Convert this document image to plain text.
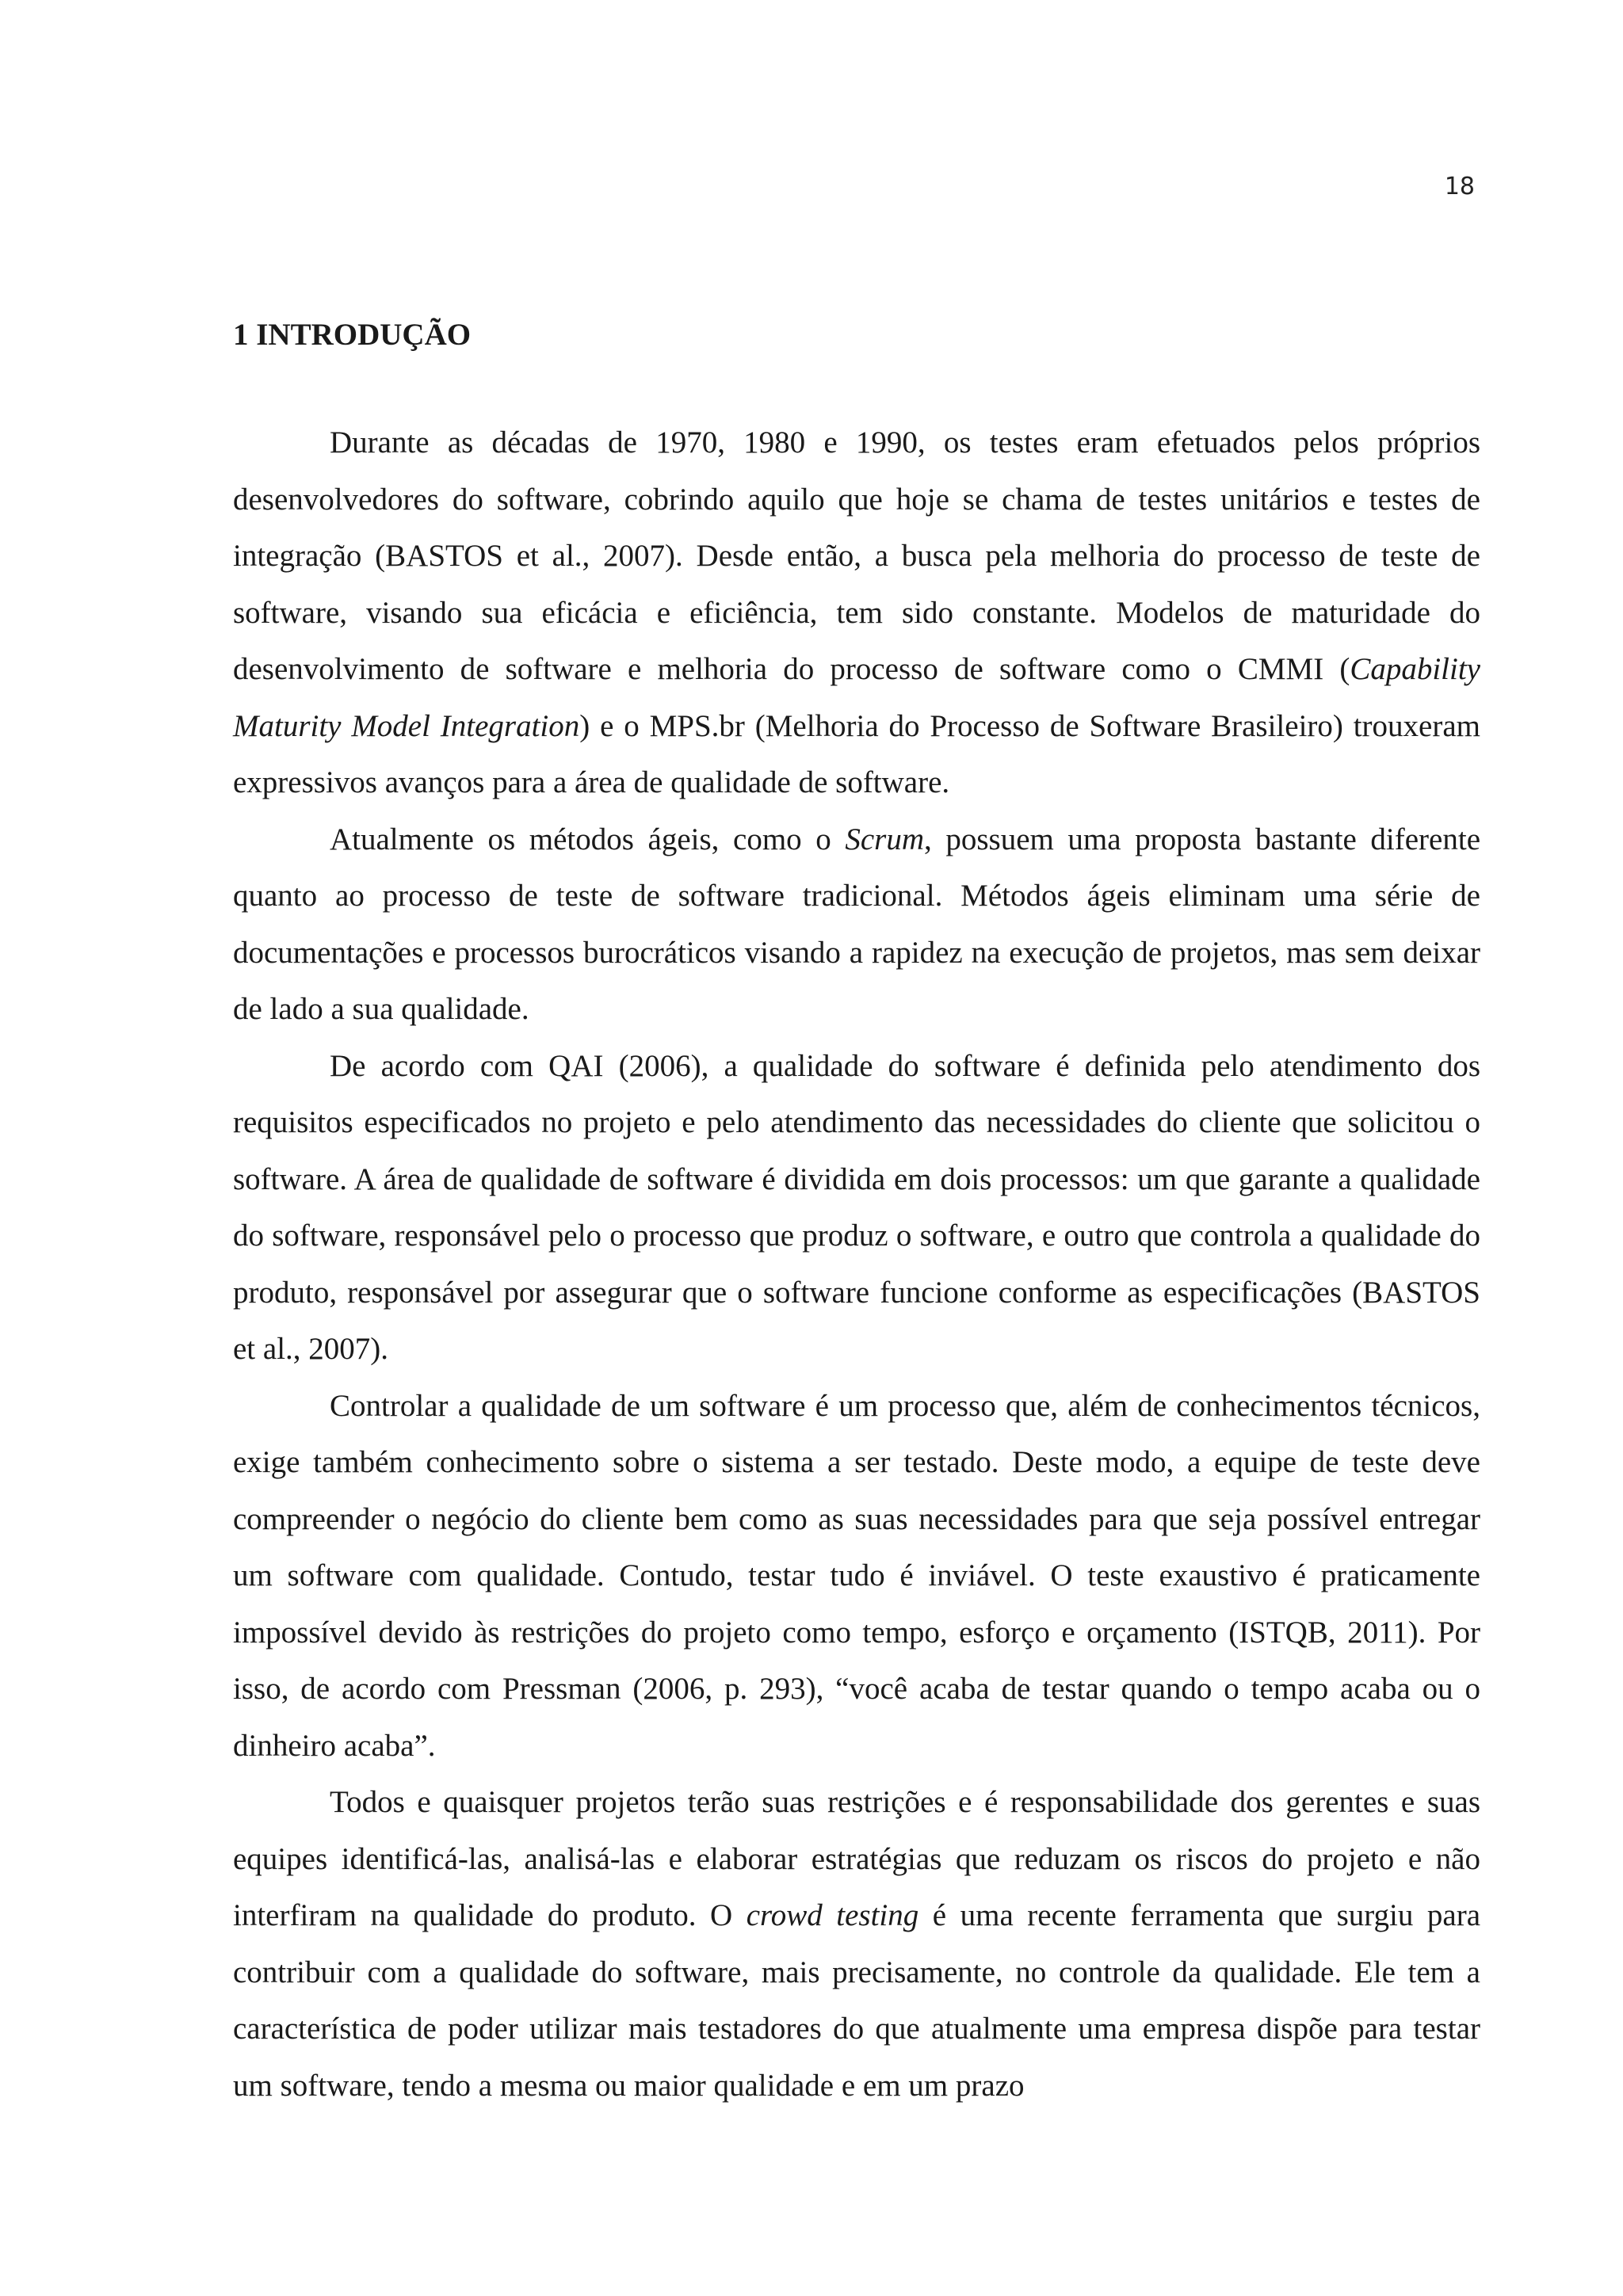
18
1 INTRODUÇÃO

Durante as décadas de 1970, 1980 e 1990, os testes eram efetuados pelos próprios desenvolvedores do software, cobrindo aquilo que hoje se chama de testes unitários e testes de integração (BASTOS et al., 2007). Desde então, a busca pela melhoria do processo de teste de software, visando sua eficácia e eficiência, tem sido constante. Modelos de maturidade do desenvolvimento de software e melhoria do processo de software como o CMMI (Capability Maturity Model Integration) e o MPS.br (Melhoria do Processo de Software Brasileiro) trouxeram expressivos avanços para a área de qualidade de software.

Atualmente os métodos ágeis, como o Scrum, possuem uma proposta bastante diferente quanto ao processo de teste de software tradicional. Métodos ágeis eliminam uma série de documentações e processos burocráticos visando a rapidez na execução de projetos, mas sem deixar de lado a sua qualidade.

De acordo com QAI (2006), a qualidade do software é definida pelo atendimento dos requisitos especificados no projeto e pelo atendimento das necessidades do cliente que solicitou o software. A área de qualidade de software é dividida em dois processos: um que garante a qualidade do software, responsável pelo o processo que produz o software, e outro que controla a qualidade do produto, responsável por assegurar que o software funcione conforme as especificações (BASTOS et al., 2007).

Controlar a qualidade de um software é um processo que, além de conhecimentos técnicos, exige também conhecimento sobre o sistema a ser testado. Deste modo, a equipe de teste deve compreender o negócio do cliente bem como as suas necessidades para que seja possível entregar um software com qualidade. Contudo, testar tudo é inviável. O teste exaustivo é praticamente impossível devido às restrições do projeto como tempo, esforço e orçamento (ISTQB, 2011). Por isso, de acordo com Pressman (2006, p. 293), “você acaba de testar quando o tempo acaba ou o dinheiro acaba”.

Todos e quaisquer projetos terão suas restrições e é responsabilidade dos gerentes e suas equipes identificá-las, analisá-las e elaborar estratégias que reduzam os riscos do projeto e não interfiram na qualidade do produto. O crowd testing é uma recente ferramenta que surgiu para contribuir com a qualidade do software, mais precisamente, no controle da qualidade. Ele tem a característica de poder utilizar mais testadores do que atualmente uma empresa dispõe para testar um software, tendo a mesma ou maior qualidade e em um prazo
